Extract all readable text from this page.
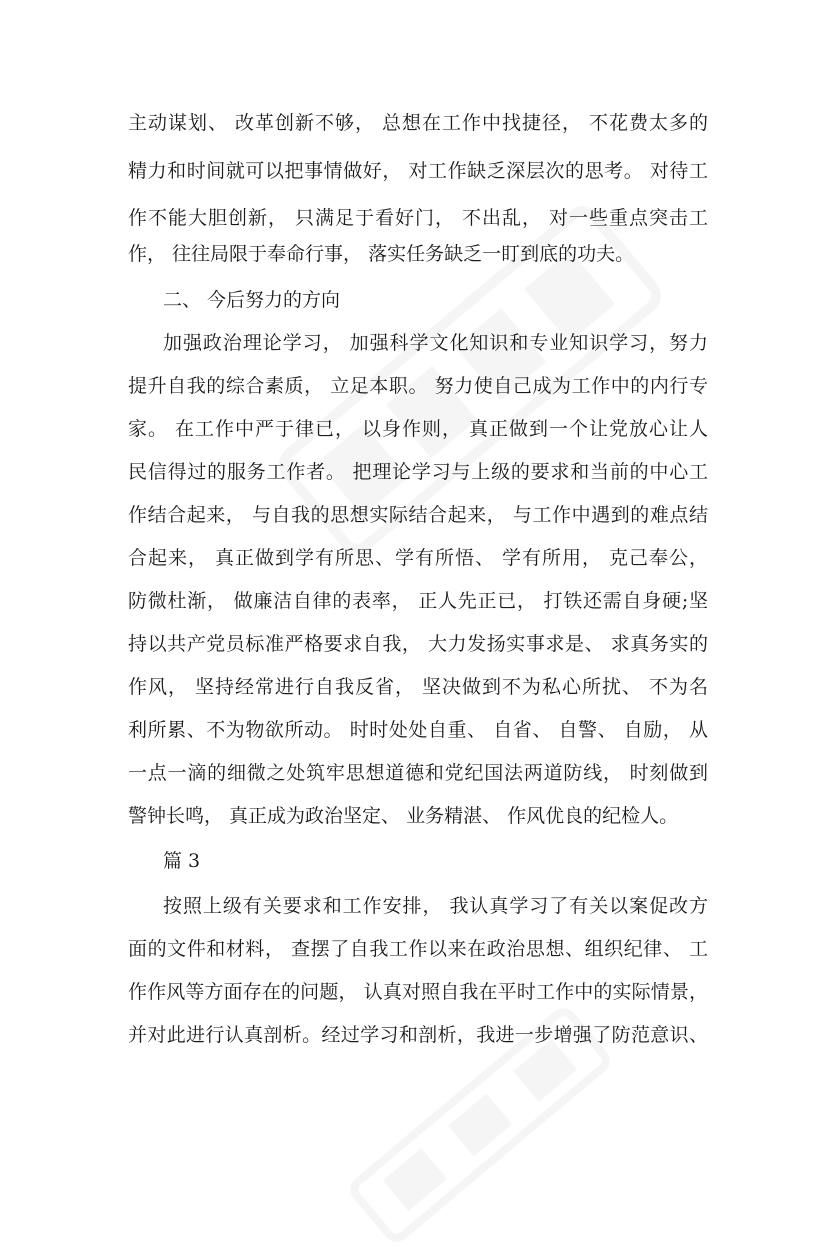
主动谋划、 改革创新不够， 总想在工作中找捷径， 不花费太多的
精力和时间就可以把事情做好， 对工作缺乏深层次的思考。 对待工
作不能大胆创新， 只满足于看好门， 不出乱， 对一些重点突击工
作， 往往局限于奉命行事， 落实任务缺乏一盯到底的功夫。
二、 今后努力的方向
加强政治理论学习， 加强科学文化知识和专业知识学习，努力
提升自我的综合素质， 立足本职。 努力使自己成为工作中的内行专
家。 在工作中严于律已， 以身作则， 真正做到一个让党放心让人
民信得过的服务工作者。 把理论学习与上级的要求和当前的中心工
作结合起来， 与自我的思想实际结合起来， 与工作中遇到的难点结
合起来， 真正做到学有所思、学有所悟、 学有所用， 克己奉公，
防微杜渐， 做廉洁自律的表率， 正人先正已， 打铁还需自身硬;坚
持以共产党员标准严格要求自我， 大力发扬实事求是、 求真务实的
作风， 坚持经常进行自我反省， 坚决做到不为私心所扰、 不为名
利所累、不为物欲所动。 时时处处自重、 自省、 自警、 自励， 从
一点一滴的细微之处筑牢思想道德和党纪国法两道防线， 时刻做到
警钟长鸣， 真正成为政治坚定、 业务精湛、 作风优良的纪检人。
篇 3
按照上级有关要求和工作安排， 我认真学习了有关以案促改方
面的文件和材料， 查摆了自我工作以来在政治思想、组织纪律、 工
作作风等方面存在的问题， 认真对照自我在平时工作中的实际情景，
并对此进行认真剖析。经过学习和剖析，我进一步增强了防范意识、
